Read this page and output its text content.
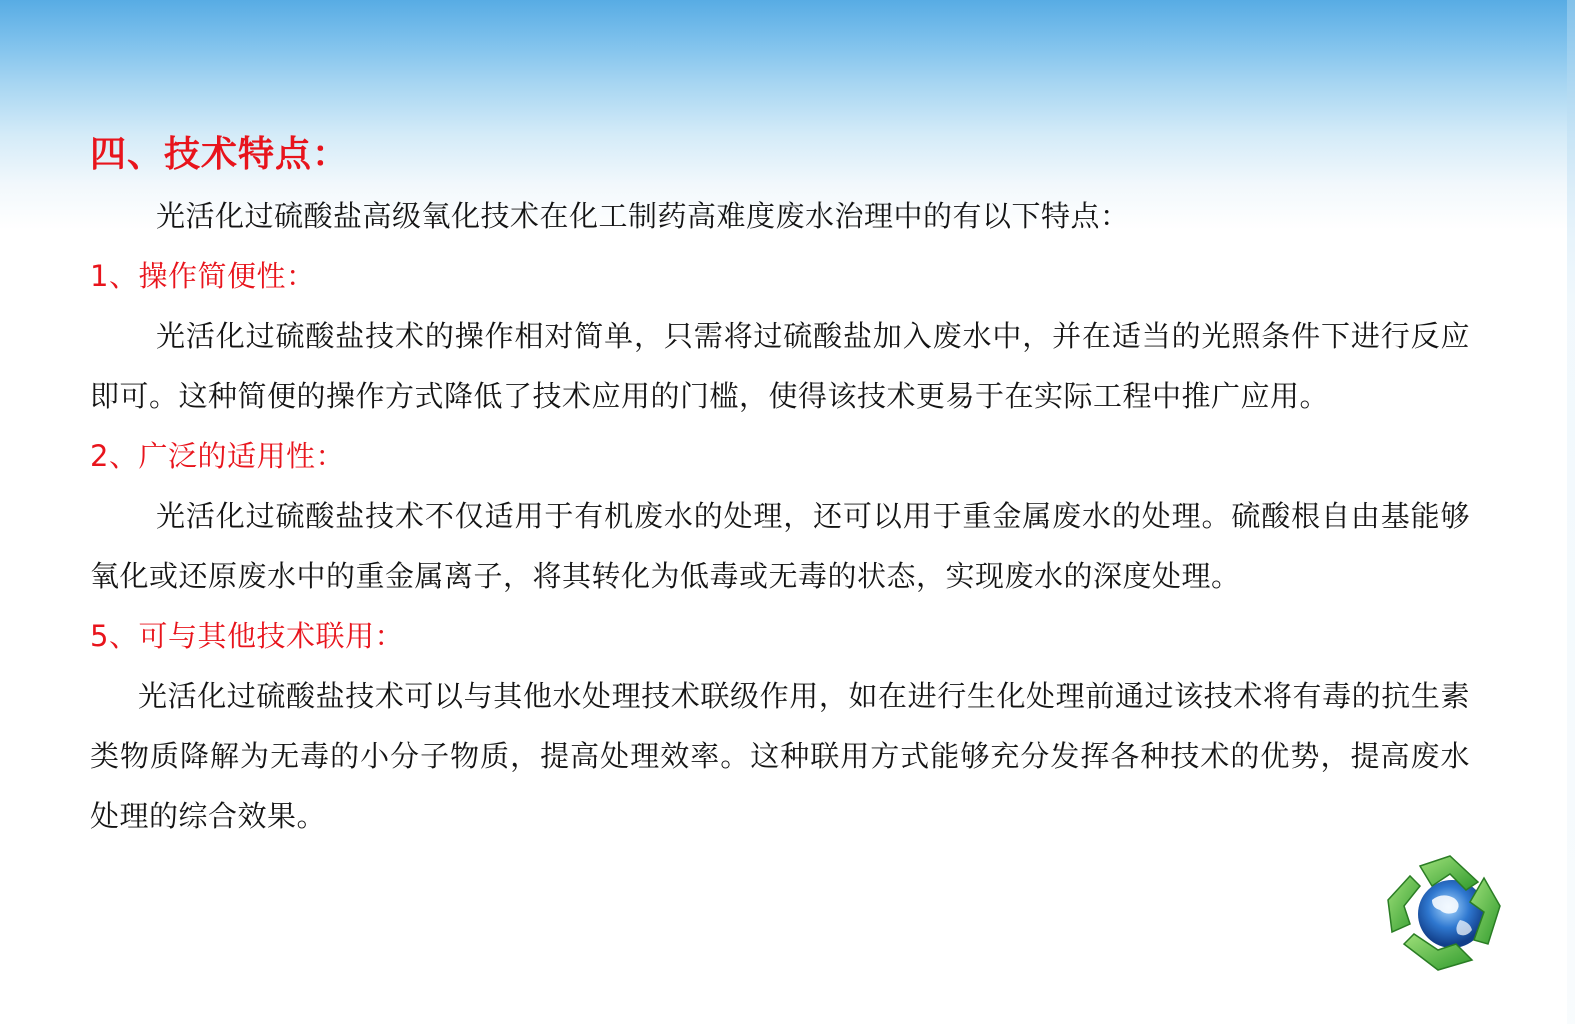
四、技术特点：

光活化过硫酸盐高级氧化技术在化工制药高难度废水治理中的有以下特点：

1、操作简便性：

光活化过硫酸盐技术的操作相对简单，只需将过硫酸盐加入废水中，并在适当的光照条件下进行反应即可。这种简便的操作方式降低了技术应用的门槛，使得该技术更易于在实际工程中推广应用。

2、广泛的适用性：

光活化过硫酸盐技术不仅适用于有机废水的处理，还可以用于重金属废水的处理。硫酸根自由基能够氧化或还原废水中的重金属离子，将其转化为低毒或无毒的状态，实现废水的深度处理。

5、可与其他技术联用：

光活化过硫酸盐技术可以与其他水处理技术联级作用，如在进行生化处理前通过该技术将有毒的抗生素类物质降解为无毒的小分子物质，提高处理效率。这种联用方式能够充分发挥各种技术的优势，提高废水处理的综合效果。
